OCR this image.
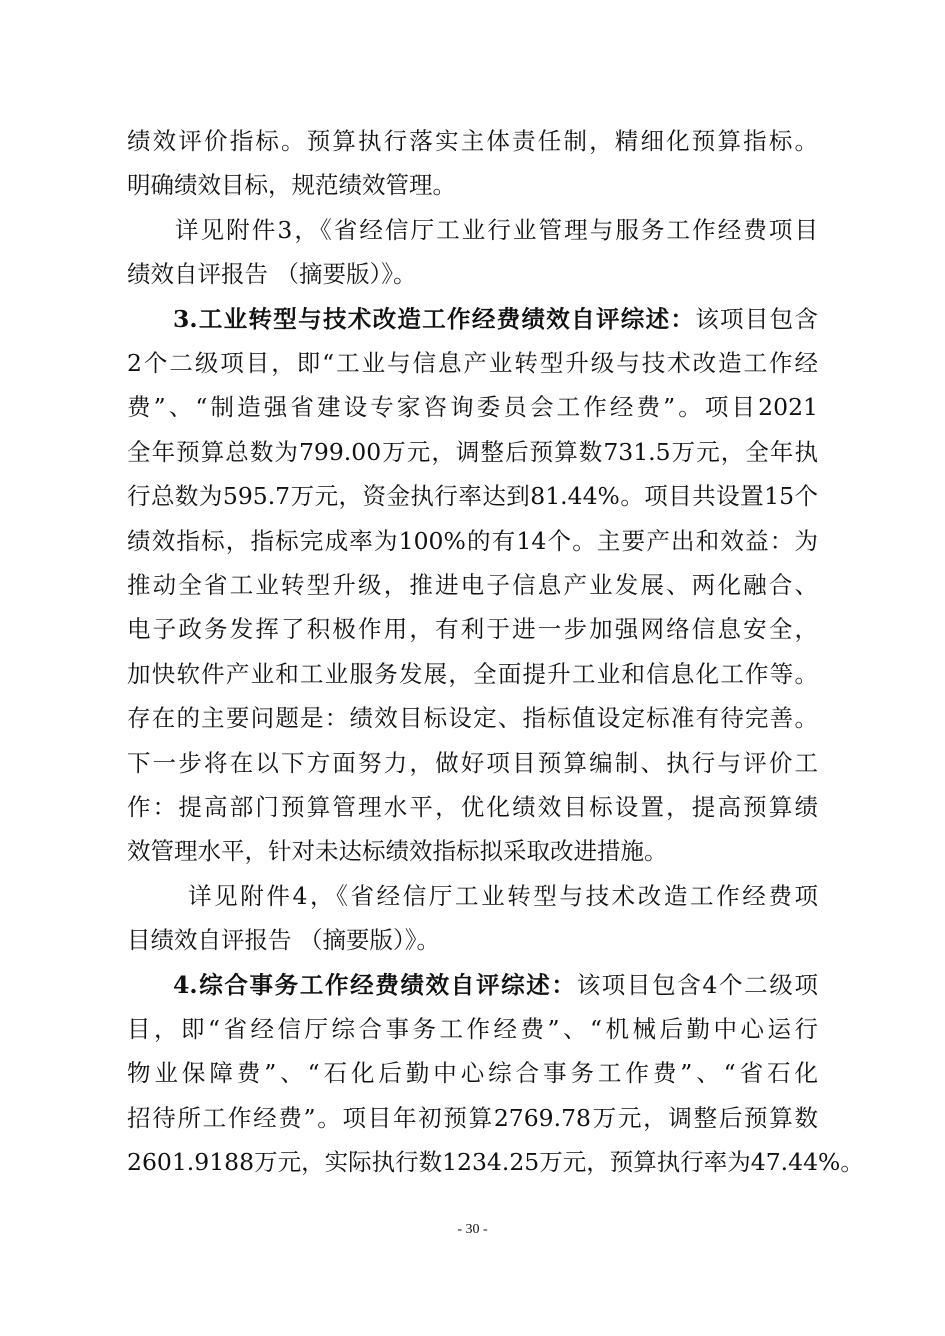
绩效评价指标。预算执行落实主体责任制，精细化预算指标。
明确绩效目标，规范绩效管理。
详见附件3，《省经信厅工业行业管理与服务工作经费项目
绩效自评报告 （摘要版）》。
3.工业转型与技术改造工作经费绩效自评综述：该项目包含
2个二级项目，即“工业与信息产业转型升级与技术改造工作经
费”、“制造强省建设专家咨询委员会工作经费”。项目2021
全年预算总数为799.00万元，调整后预算数731.5万元，全年执
行总数为595.7万元，资金执行率达到81.44%。项目共设置15个
绩效指标，指标完成率为100%的有14个。主要产出和效益：为
推动全省工业转型升级，推进电子信息产业发展、两化融合、
电子政务发挥了积极作用，有利于进一步加强网络信息安全，
加快软件产业和工业服务发展，全面提升工业和信息化工作等。
存在的主要问题是：绩效目标设定、指标值设定标准有待完善。
下一步将在以下方面努力，做好项目预算编制、执行与评价工
作：提高部门预算管理水平，优化绩效目标设置，提高预算绩
效管理水平，针对未达标绩效指标拟采取改进措施。
详见附件4，《省经信厅工业转型与技术改造工作经费项
目绩效自评报告 （摘要版）》。
4.综合事务工作经费绩效自评综述：该项目包含4个二级项
目，即“省经信厅综合事务工作经费”、“机械后勤中心运行
物业保障费”、“石化后勤中心综合事务工作费”、“省石化
招待所工作经费”。项目年初预算2769.78万元，调整后预算数
2601.9188万元，实际执行数1234.25万元，预算执行率为47.44%。
- 30 -
